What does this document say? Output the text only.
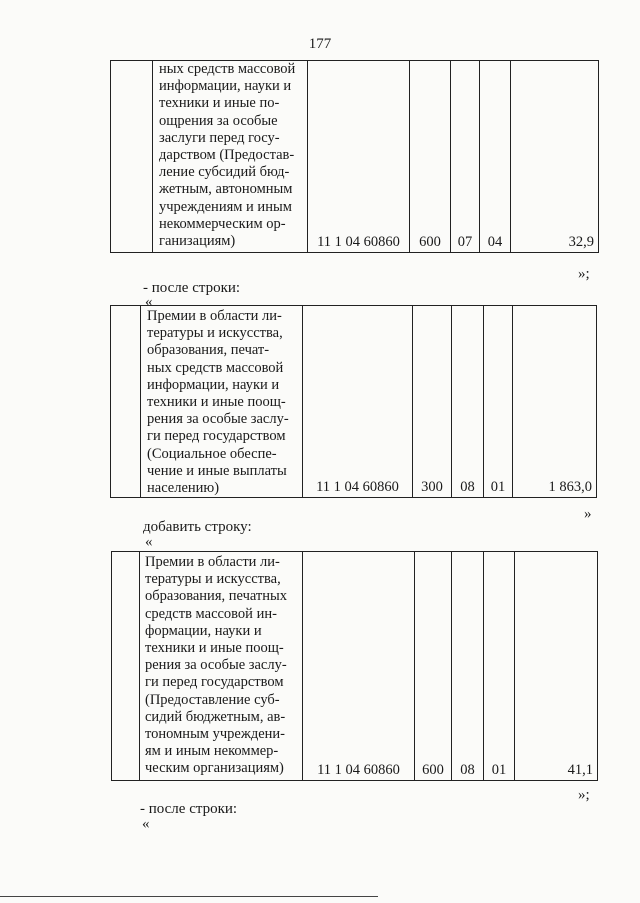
177

ных средств массовой
информации, науки и
техники и иные по-
ощрения за особые
заслуги перед госу-
дарством (Предостав-
ление субсидий бюд-
жетным, автономным
учреждениям и иным
некоммерческим ор-
ганизациям)	11 1 04 60860	600	07	04	32,9
»;
- после строки:
«

Премии в области ли-
тературы и искусства,
образования, печат-
ных средств массовой
информации, науки и
техники и иные поощ-
рения за особые заслу-
ги перед государством
(Социальное обеспе-
чение и иные выплаты
населению)	11 1 04 60860	300	08	01	1 863,0
»
добавить строку:
«

Премии в области ли-
тературы и искусства,
образования, печатных
средств массовой ин-
формации, науки и
техники и иные поощ-
рения за особые заслу-
ги перед государством
(Предоставление суб-
сидий бюджетным, ав-
тономным учреждени-
ям и иным некоммер-
ческим организациям)	11 1 04 60860	600	08	01	41,1
»;
- после строки:
«
